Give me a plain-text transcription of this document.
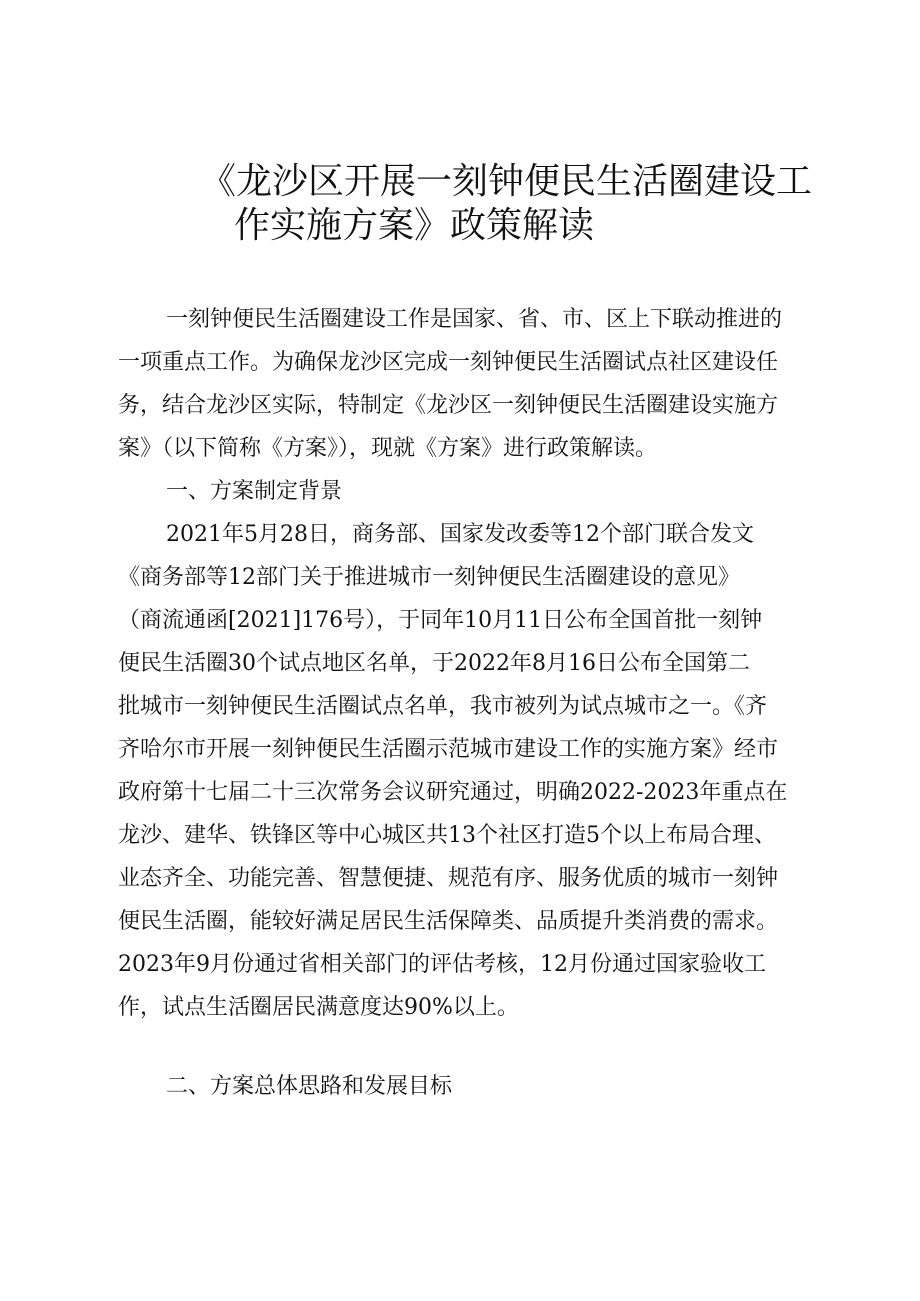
《龙沙区开展一刻钟便民生活圈建设工
作实施方案》政策解读

一刻钟便民生活圈建设工作是国家、省、市、区上下联动推进的
一项重点工作。为确保龙沙区完成一刻钟便民生活圈试点社区建设任
务，结合龙沙区实际，特制定《龙沙区一刻钟便民生活圈建设实施方
案》（以下简称《方案》），现就《方案》进行政策解读。

一、方案制定背景

2021年5月28日，商务部、国家发改委等12个部门联合发文
《商务部等12部门关于推进城市一刻钟便民生活圈建设的意见》
（商流通函[2021]176号），于同年10月11日公布全国首批一刻钟
便民生活圈30个试点地区名单，于2022年8月16日公布全国第二
批城市一刻钟便民生活圈试点名单，我市被列为试点城市之一。《齐
齐哈尔市开展一刻钟便民生活圈示范城市建设工作的实施方案》经市
政府第十七届二十三次常务会议研究通过，明确2022-2023年重点在
龙沙、建华、铁锋区等中心城区共13个社区打造5个以上布局合理、
业态齐全、功能完善、智慧便捷、规范有序、服务优质的城市一刻钟
便民生活圈，能较好满足居民生活保障类、品质提升类消费的需求。
2023年9月份通过省相关部门的评估考核，12月份通过国家验收工
作，试点生活圈居民满意度达90%以上。

二、方案总体思路和发展目标
